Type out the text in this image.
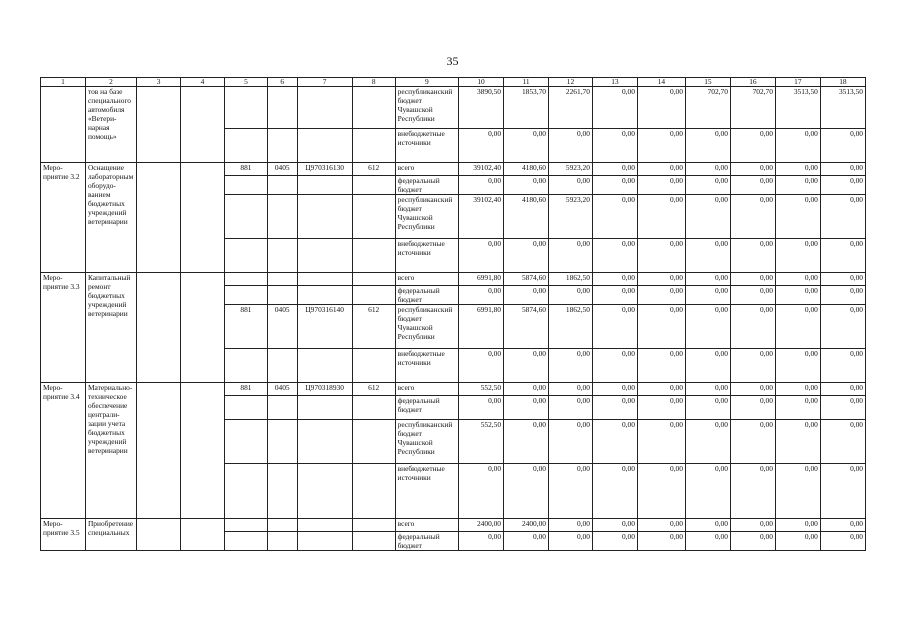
35
1	2	3	4	5	6	7	8	9	10	11	12	13	14	15	16	17	18
	тов на базе специального автомобиля «Ветеринарная помощь»							республиканский бюджет Чувашской Республики	3890,50	1853,70	2261,70	0,00	0,00	702,70	702,70	3513,50	3513,50
								внебюджетные источники	0,00	0,00	0,00	0,00	0,00	0,00	0,00	0,00	0,00
Мероприятие 3.2	Оснащение лабораторным оборудованием бюджетных учреждений ветеринарии			881	0405	Ц970316130	612	всего	39102,40	4180,60	5923,20	0,00	0,00	0,00	0,00	0,00	0,00
								федеральный бюджет	0,00	0,00	0,00	0,00	0,00	0,00	0,00	0,00	0,00
								республиканский бюджет Чувашской Республики	39102,40	4180,60	5923,20	0,00	0,00	0,00	0,00	0,00	0,00
								внебюджетные источники	0,00	0,00	0,00	0,00	0,00	0,00	0,00	0,00	0,00
Мероприятие 3.3	Капитальный ремонт бюджетных учреждений ветеринарии							всего	6991,80	5874,60	1862,50	0,00	0,00	0,00	0,00	0,00	0,00
								федеральный бюджет	0,00	0,00	0,00	0,00	0,00	0,00	0,00	0,00	0,00
				881	0405	Ц970316140	612	республиканский бюджет Чувашской Республики	6991,80	5874,60	1862,50	0,00	0,00	0,00	0,00	0,00	0,00
								внебюджетные источники	0,00	0,00	0,00	0,00	0,00	0,00	0,00	0,00	0,00
Мероприятие 3.4	Материально-техническое обеспечение централизации учета бюджетных учреждений ветеринарии			881	0405	Ц970318930	612	всего	552,50	0,00	0,00	0,00	0,00	0,00	0,00	0,00	0,00
								федеральный бюджет	0,00	0,00	0,00	0,00	0,00	0,00	0,00	0,00	0,00
								республиканский бюджет Чувашской Республики	552,50	0,00	0,00	0,00	0,00	0,00	0,00	0,00	0,00
								внебюджетные источники	0,00	0,00	0,00	0,00	0,00	0,00	0,00	0,00	0,00
Мероприятие 3.5	Приобретение специальных							всего	2400,00	2400,00	0,00	0,00	0,00	0,00	0,00	0,00	0,00
								федеральный бюджет	0,00	0,00	0,00	0,00	0,00	0,00	0,00	0,00	0,00
